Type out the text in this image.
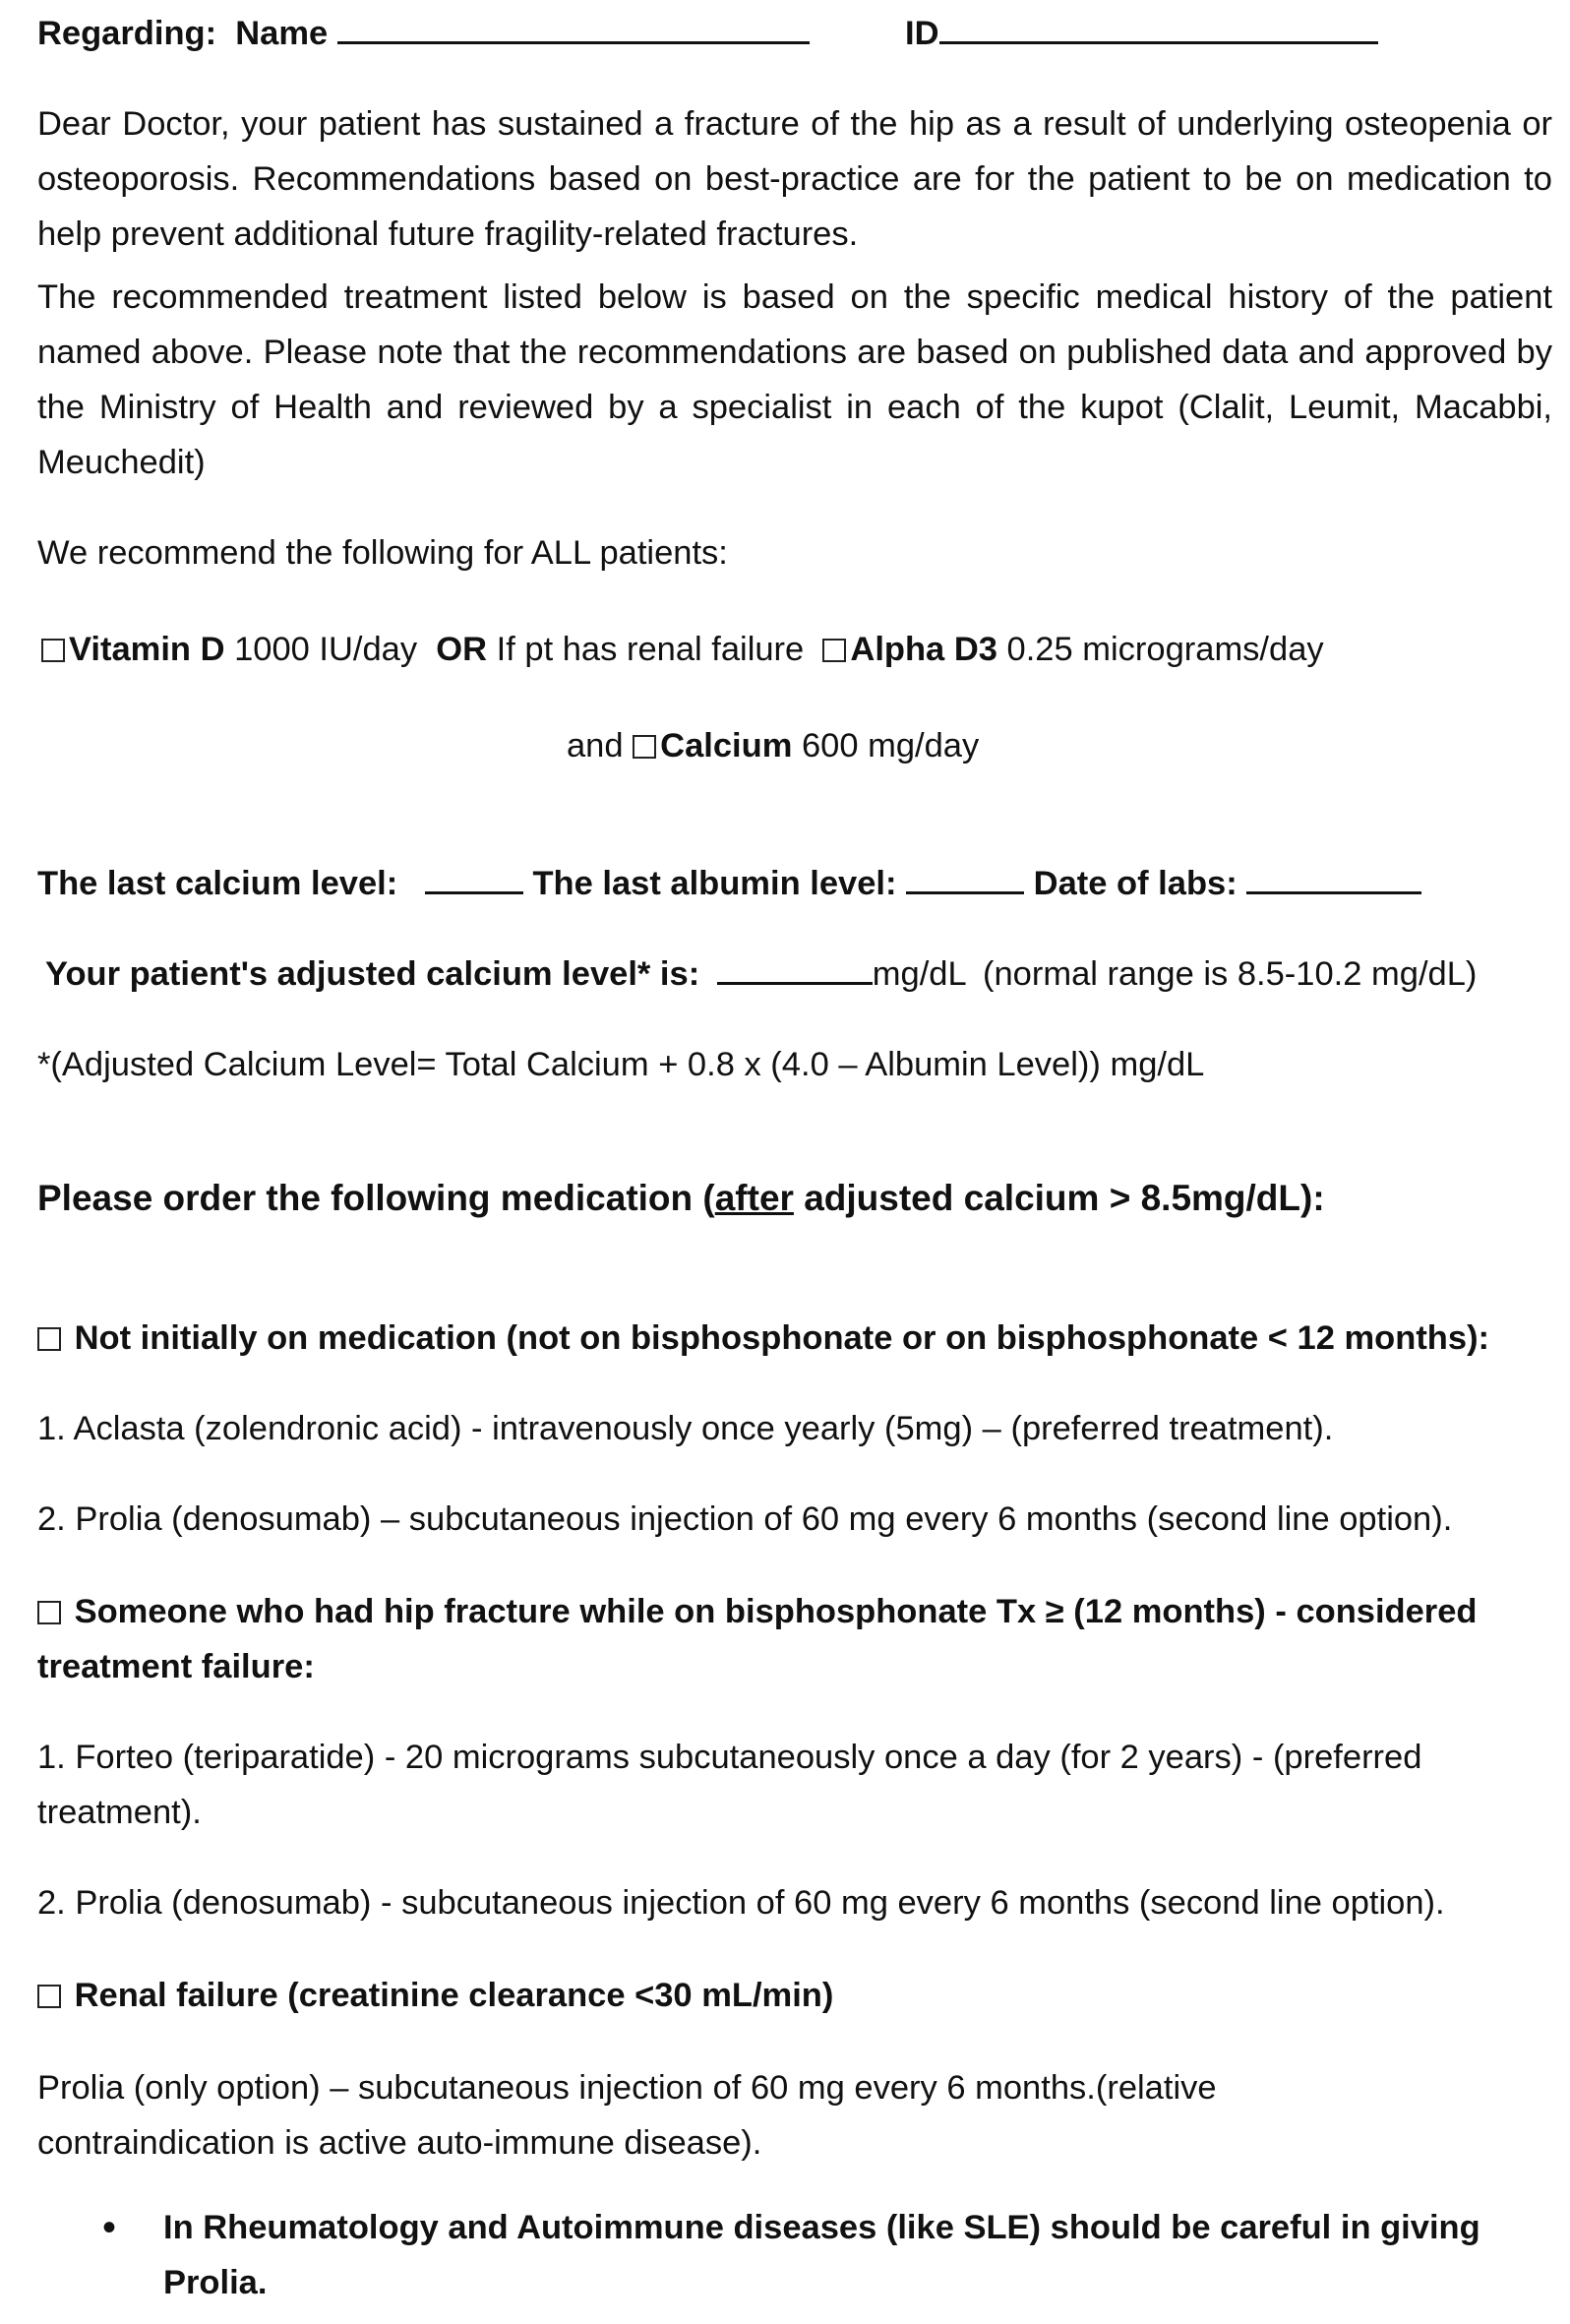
Regarding: Name	ID

Dear Doctor, your patient has sustained a fracture of the hip as a result of underlying osteopenia or osteoporosis. Recommendations based on best-practice are for the patient to be on medication to help prevent additional future fragility-related fractures.

The recommended treatment listed below is based on the specific medical history of the patient named above. Please note that the recommendations are based on published data and approved by the Ministry of Health and reviewed by a specialist in each of the kupot (Clalit, Leumit, Macabbi, Meuchedit)

We recommend the following for ALL patients:

Vitamin D 1000 IU/day  OR If pt has renal failure  Alpha D3 0.25 micrograms/day

and Calcium 600 mg/day

The last calcium level:	The last albumin level:	Date of labs:

Your patient's adjusted calcium level* is:	mg/dL (normal range is 8.5-10.2 mg/dL)

*(Adjusted Calcium Level= Total Calcium + 0.8 x (4.0 – Albumin Level)) mg/dL

Please order the following medication (after adjusted calcium > 8.5mg/dL):

Not initially on medication (not on bisphosphonate or on bisphosphonate < 12 months):

1. Aclasta (zolendronic acid) - intravenously once yearly (5mg) – (preferred treatment).

2. Prolia (denosumab) – subcutaneous injection of 60 mg every 6 months (second line option).

Someone who had hip fracture while on bisphosphonate Tx ≥ (12 months) - considered treatment failure:

1. Forteo (teriparatide) - 20 micrograms subcutaneously once a day (for 2 years) - (preferred treatment).

2. Prolia (denosumab) - subcutaneous injection of 60 mg every 6 months (second line option).

Renal failure (creatinine clearance <30 mL/min)

Prolia (only option) – subcutaneous injection of 60 mg every 6 months.(relative contraindication is active auto-immune disease).

• In Rheumatology and Autoimmune diseases (like SLE) should be careful in giving Prolia.
